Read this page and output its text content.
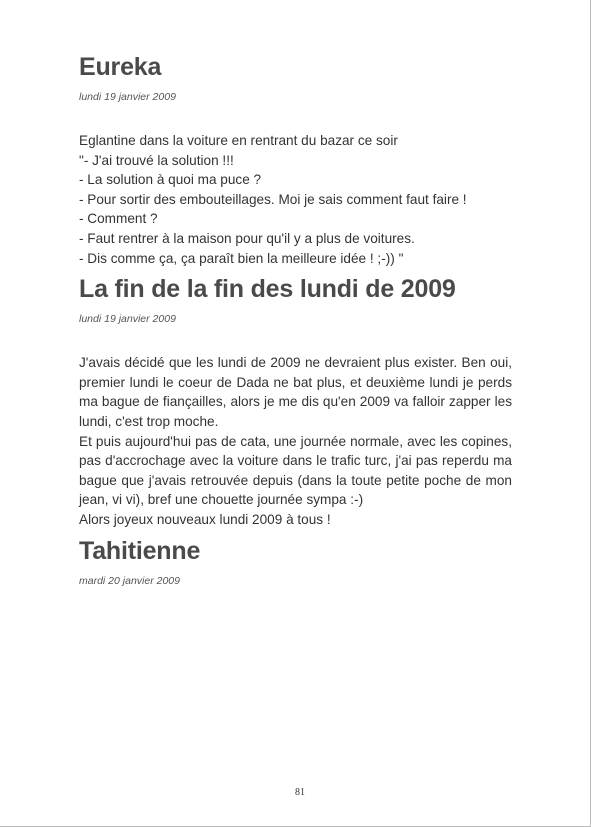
Eureka
lundi 19 janvier 2009

Eglantine dans la voiture en rentrant du bazar ce soir

"- J'ai trouvé la solution !!!

- La solution à quoi ma puce ?

- Pour sortir des embouteillages. Moi je sais comment faut faire !

- Comment ?

- Faut rentrer à la maison pour qu'il y a plus de voitures.

- Dis comme ça, ça paraît bien la meilleure idée ! ;-)) "

La fin de la fin des lundi de 2009
lundi 19 janvier 2009

J'avais décidé que les lundi de 2009 ne devraient plus exister. Ben oui, premier lundi le coeur de Dada ne bat plus, et deuxième lundi je perds ma bague de fiançailles, alors je me dis qu'en 2009 va falloir zapper les lundi, c'est trop moche.

Et puis aujourd'hui pas de cata, une journée normale, avec les copines, pas d'accrochage avec la voiture dans le trafic turc, j'ai pas reperdu ma bague que j'avais retrouvée depuis (dans la toute petite poche de mon jean, vi vi), bref une chouette journée sympa :-)

Alors joyeux nouveaux lundi 2009 à tous !

Tahitienne
mardi 20 janvier 2009
81
